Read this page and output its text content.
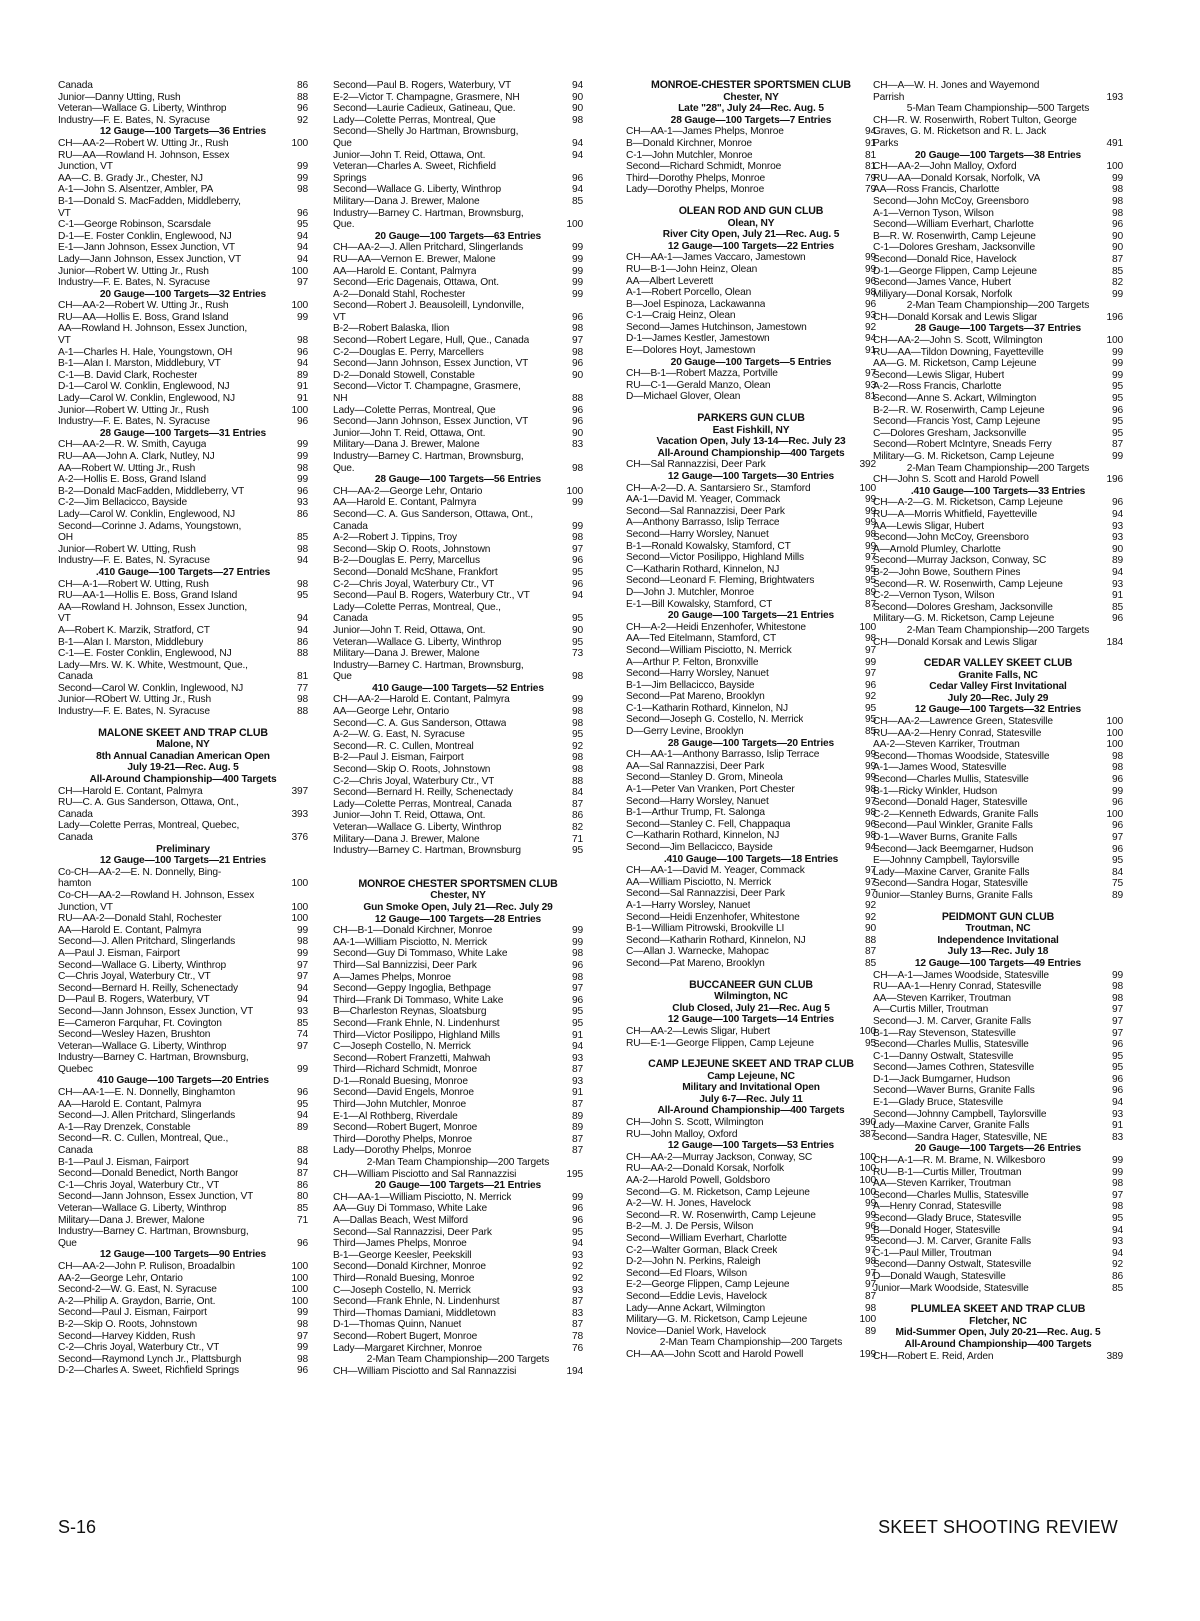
Canada	86
Junior—Danny Utting, Rush	88
Veteran—Wallace G. Liberty, Winthrop	96
Industry—F. E. Bates, N. Syracuse	92
12 Gauge—100 Targets—36 Entries
CH—AA-2—Robert W. Utting Jr., Rush	100
RU—AA—Rowland H. Johnson, Essex
Junction, VT	99
AA—C. B. Grady Jr., Chester, NJ	99
A-1—John S. Alsentzer, Ambler, PA	98
B-1—Donald S. MacFadden, Middleberry,
VT	96
C-1—George Robinson, Scarsdale	95
D-1—E. Foster Conklin, Englewood, NJ	94
E-1—Jann Johnson, Essex Junction, VT	94
Lady—Jann Johnson, Essex Junction, VT	94
Junior—Robert W. Utting Jr., Rush	100
Industry—F. E. Bates, N. Syracuse	97
20 Gauge—100 Targets—32 Entries
CH—AA-2—Robert W. Utting Jr., Rush	100
RU—AA—Hollis E. Boss, Grand Island	99
AA—Rowland H. Johnson, Essex Junction,
VT	98
A-1—Charles H. Hale, Youngstown, OH	96
B-1—Alan I. Marston, Middlebury, VT	94
C-1—B. David Clark, Rochester	89
D-1—Carol W. Conklin, Englewood, NJ	91
Lady—Carol W. Conklin, Englewood, NJ	91
Junior—Robert W. Utting Jr., Rush	100
Industry—F. E. Bates, N. Syracuse	96
28 Gauge—100 Targets—31 Entries
CH—AA-2—R. W. Smith, Cayuga	99
RU—AA—John A. Clark, Nutley, NJ	99
AA—Robert W. Utting Jr., Rush	98
A-2—Hollis E. Boss, Grand Island	99
B-2—Donald MacFadden, Middleberry, VT	96
C-2—Jim Bellacicco, Bayside	93
Lady—Carol W. Conklin, Englewood, NJ	86
Second—Corinne J. Adams, Youngstown,
OH	85
Junior—Robert W. Utting, Rush	98
Industry—F. E. Bates, N. Syracuse	94
.410 Gauge—100 Targets—27 Entries
CH—A-1—Robert W. Utting, Rush	98
RU—AA-1—Hollis E. Boss, Grand Island	95
AA—Rowland H. Johnson, Essex Junction,
VT	94
A—Robert K. Marzik, Stratford, CT	94
B-1—Alan I. Marston, Middlebury	86
C-1—E. Foster Conklin, Englewood, NJ	88
Lady—Mrs. W. K. White, Westmount, Que.,
Canada	81
Second—Carol W. Conklin, Inglewood, NJ	77
Junior—RObert W. Utting Jr., Rush	98
Industry—F. E. Bates, N. Syracuse	88
MALONE SKEET AND TRAP CLUB
Malone, NY
8th Annual Canadian American Open
July 19-21—Rec. Aug. 5
All-Around Championship—400 Targets
CH—Harold E. Contant, Palmyra	397
RU—C. A. Gus Sanderson, Ottawa, Ont.,
Canada	393
Lady—Colette Perras, Montreal, Quebec,
Canada	376
Preliminary
12 Gauge—100 Targets—21 Entries
Co-CH—AA-2—E. N. Donnelly, Bing-
hamton	100
Co-CH—AA-2—Rowland H. Johnson, Essex
Junction, VT	100
RU—AA-2—Donald Stahl, Rochester	100
AA—Harold E. Contant, Palmyra	99
Second—J. Allen Pritchard, Slingerlands	98
A—Paul J. Eisman, Fairport	99
Second—Wallace G. Liberty, Winthrop	97
C—Chris Joyal, Waterbury Ctr., VT	97
Second—Bernard H. Reilly, Schenectady	94
D—Paul B. Rogers, Waterbury, VT	94
Second—Jann Johnson, Essex Junction, VT	93
E—Cameron Farquhar, Ft. Covington	85
Second—Wesley Hazen, Brushton	74
Veteran—Wallace G. Liberty, Winthrop	97
Industry—Barney C. Hartman, Brownsburg,
Quebec	99
410 Gauge—100 Targets—20 Entries
CH—AA-1—E. N. Donnelly, Binghamton	96
AA—Harold E. Contant, Palmyra	95
Second—J. Allen Pritchard, Slingerlands	94
A-1—Ray Drenzek, Constable	89
Second—R. C. Cullen, Montreal, Que.,
Canada	88
B-1—Paul J. Eisman, Fairport	94
Second—Donald Benedict, North Bangor	87
C-1—Chris Joyal, Waterbury Ctr., VT	86
Second—Jann Johnson, Essex Junction, VT	80
Veteran—Wallace G. Liberty, Winthrop	85
Military—Dana J. Brewer, Malone	71
Industry—Barney C. Hartman, Brownsburg,
Que	96
12 Gauge—100 Targets—90 Entries
CH—AA-2—John P. Rulison, Broadalbin	100
AA-2—George Lehr, Ontario	100
Second-2—W. G. East, N. Syracuse	100
A-2—Philip A. Graydon, Barrie, Ont.	100
Second—Paul J. Eisman, Fairport	99
B-2—Skip O. Roots, Johnstown	98
Second—Harvey Kidden, Rush	97
C-2—Chris Joyal, Waterbury Ctr., VT	99
Second—Raymond Lynch Jr., Plattsburgh	98
D-2—Charles A. Sweet, Richfield Springs	96
Second—Paul B. Rogers, Waterbury, VT	94
E-2—Victor T. Champagne, Grasmere, NH	90
Second—Laurie Cadieux, Gatineau, Que.	90
Lady—Colette Perras, Montreal, Que	98
Second—Shelly Jo Hartman, Brownsburg,
Que	94
Junior—John T. Reid, Ottawa, Ont.	94
Veteran—Charles A. Sweet, Richfield
Springs	96
Second—Wallace G. Liberty, Winthrop	94
Military—Dana J. Brewer, Malone	85
Industry—Barney C. Hartman, Brownsburg,
Que.	100
20 Gauge—100 Targets—63 Entries
CH—AA-2—J. Allen Pritchard, Slingerlands	99
RU—AA—Vernon E. Brewer, Malone	99
AA—Harold E. Contant, Palmyra	99
Second—Eric Dagenais, Ottawa, Ont.	99
A-2—Donald Stahl, Rochester	99
Second—Robert J. Beausoleill, Lyndonville,
VT	96
B-2—Robert Balaska, Ilion	98
Second—Robert Legare, Hull, Que., Canada	97
C-2—Douglas E. Perry, Marcellers	98
Second—Jann Johnson, Essex Junction, VT	96
D-2—Donald Stowell, Constable	90
Second—Victor T. Champagne, Grasmere,
NH	88
Lady—Colette Perras, Montreal, Que	96
Second—Jann Johnson, Essex Junction, VT	96
Junior—John T. Reid, Ottawa, Ont.	90
Military—Dana J. Brewer, Malone	83
Industry—Barney C. Hartman, Brownsburg,
Que.	98
28 Gauge—100 Targets—56 Entries
CH—AA-2—George Lehr, Ontario	100
AA—Harold E. Contant, Palmyra	99
Second—C. A. Gus Sanderson, Ottawa, Ont.,
Canada	99
A-2—Robert J. Tippins, Troy	98
Second—Skip O. Roots, Johnstown	97
B-2—Douglas E. Perry, Marcellus	96
Second—Donald McShane, Frankfort	95
C-2—Chris Joyal, Waterbury Ctr., VT	96
Second—Paul B. Rogers, Waterbury Ctr., VT	94
Lady—Colette Perras, Montreal, Que.,
Canada	95
Junior—John T. Reid, Ottawa, Ont.	90
Veteran—Wallace G. Liberty, Winthrop	95
Military—Dana J. Brewer, Malone	73
Industry—Barney C. Hartman, Brownsburg,
Que	98
410 Gauge—100 Targets—52 Entries
CH—AA-2—Harold E. Contant, Palmyra	99
AA—George Lehr, Ontario	98
Second—C. A. Gus Sanderson, Ottawa	98
A-2—W. G. East, N. Syracuse	95
Second—R. C. Cullen, Montreal	92
B-2—Paul J. Eisman, Fairport	98
Second—Skip O. Roots, Johnstown	98
C-2—Chris Joyal, Waterbury Ctr., VT	88
Second—Bernard H. Reilly, Schenectady	84
Lady—Colette Perras, Montreal, Canada	87
Junior—John T. Reid, Ottawa, Ont.	86
Veteran—Wallace G. Liberty, Winthrop	82
Military—Dana J. Brewer, Malone	71
Industry—Barney C. Hartman, Brownsburg	95
MONROE CHESTER SPORTSMEN CLUB
Chester, NY
Gun Smoke Open, July 21—Rec. July 29
12 Gauge—100 Targets—28 Entries
CH—B-1—Donald Kirchner, Monroe	99
AA-1—William Pisciotto, N. Merrick	99
Second—Guy Di Tommaso, White Lake	98
Third—Sal Bannizzisi, Deer Park	96
A—James Phelps, Monroe	98
Second—Geppy Ingoglia, Bethpage	97
Third—Frank Di Tommaso, White Lake	96
B—Charleston Reynas, Sloatsburg	95
Second—Frank Ehnle, N. Lindenhurst	95
Third—Victor Posilippo, Highland Mills	91
C—Joseph Costello, N. Merrick	94
Second—Robert Franzetti, Mahwah	93
Third—Richard Schmidt, Monroe	87
D-1—Ronald Buesing, Monroe	93
Second—David Engels, Monroe	91
Third—John Mutchler, Monroe	87
E-1—Al Rothberg, Riverdale	89
Second—Robert Bugert, Monroe	89
Third—Dorothy Phelps, Monroe	87
Lady—Dorothy Phelps, Monroe	87
2-Man Team Championship—200 Targets
CH—William Pisciotto and Sal Rannazzisi	195
20 Gauge—100 Targets—21 Entries
CH—AA-1—William Pisciotto, N. Merrick	99
AA—Guy Di Tommaso, White Lake	96
A—Dallas Beach, West Milford	96
Second—Sal Rannazzisi, Deer Park	95
Third—James Phelps, Monroe	94
B-1—George Keesler, Peekskill	93
Second—Donald Kirchner, Monroe	92
Third—Ronald Buesing, Monroe	92
C—Joseph Costello, N. Merrick	93
Second—Frank Ehnle, N. Lindenhurst	87
Third—Thomas Damiani, Middletown	83
D-1—Thomas Quinn, Nanuet	87
Second—Robert Bugert, Monroe	78
Lady—Margaret Kirchner, Monroe	76
2-Man Team Championship—200 Targets
CH—William Pisciotto and Sal Rannazzisi	194
MONROE-CHESTER SPORTSMEN CLUB
Chester, NY
Late "28", July 24—Rec. Aug. 5
28 Gauge—100 Targets—7 Entries
CH—AA-1—James Phelps, Monroe	94
B—Donald Kirchner, Monroe	91
C-1—John Mutchler, Monroe	81
Second—Richard Schmidt, Monroe	81
Third—Dorothy Phelps, Monroe	79
Lady—Dorothy Phelps, Monroe	79
OLEAN ROD AND GUN CLUB
Olean, NY
River City Open, July 21—Rec. Aug. 5
12 Gauge—100 Targets—22 Entries
CH—AA-1—James Vaccaro, Jamestown	99
RU—B-1—John Heinz, Olean	99
AA—Albert Leverett	96
A-1—Robert Porcello, Olean	98
B—Joel Espinoza, Lackawanna	96
C-1—Craig Heinz, Olean	93
Second—James Hutchinson, Jamestown	92
D-1—James Kestler, Jamestown	94
E—Dolores Hoyt, Jamestown	91
20 Gauge—100 Targets—5 Entries
CH—B-1—Robert Mazza, Portville	97
RU—C-1—Gerald Manzo, Olean	93
D—Michael Glover, Olean	81
PARKERS GUN CLUB
East Fishkill, NY
Vacation Open, July 13-14—Rec. July 23
All-Around Championship—400 Targets
CH—Sal Rannazzisi, Deer Park	392
12 Gauge—100 Targets—30 Entries
CH—A-2—D. A. Santarsiero Sr., Stamford	100
AA-1—David M. Yeager, Commack	99
Second—Sal Rannazzisi, Deer Park	99
A—Anthony Barrasso, Islip Terrace	99
Second—Harry Worsley, Nanuet	98
B-1—Ronald Kowalsky, Stamford, CT	99
Second—Victor Posilippo, Highland Mills	97
C—Katharin Rothard, Kinnelon, NJ	95
Second—Leonard F. Fleming, Brightwaters	95
D—John J. Mutchler, Monroe	89
E-1—Bill Kowalsky, Stamford, CT	87
20 Gauge—100 Targets—21 Entries
CH—A-2—Heidi Enzenhofer, Whitestone	100
AA—Ted Eitelmann, Stamford, CT	98
Second—William Pisciotto, N. Merrick	97
A—Arthur P. Felton, Bronxville	99
Second—Harry Worsley, Nanuet	97
B-1—Jim Bellacicco, Bayside	96
Second—Pat Mareno, Brooklyn	92
C-1—Katharin Rothard, Kinnelon, NJ	95
Second—Joseph G. Costello, N. Merrick	95
D—Gerry Levine, Brooklyn	85
28 Gauge—100 Targets—20 Entries
CH—AA-1—Anthony Barrasso, Islip Terrace	99
AA—Sal Rannazzisi, Deer Park	99
Second—Stanley D. Grom, Mineola	99
A-1—Peter Van Vranken, Port Chester	98
Second—Harry Worsley, Nanuet	97
B-1—Arthur Trump, Ft. Salonga	98
Second—Stanley C. Fell, Chappaqua	96
C—Katharin Rothard, Kinnelon, NJ	98
Second—Jim Bellacicco, Bayside	94
.410 Gauge—100 Targets—18 Entries
CH—AA-1—David M. Yeager, Commack	97
AA—William Pisciotto, N. Merrick	97
Second—Sal Rannazzisi, Deer Park	97
A-1—Harry Worsley, Nanuet	92
Second—Heidi Enzenhofer, Whitestone	92
B-1—William Pitrowski, Brookville LI	90
Second—Katharin Rothard, Kinnelon, NJ	88
C—Allan J. Warnecke, Mahopac	87
Second—Pat Mareno, Brooklyn	85
BUCCANEER GUN CLUB
Wilmington, NC
Club Closed, July 21—Rec. Aug 5
12 Gauge—100 Targets—14 Entries
CH—AA-2—Lewis Sligar, Hubert	100
RU—E-1—George Flippen, Camp Lejeune	95
CAMP LEJEUNE SKEET AND TRAP CLUB
Camp Lejeune, NC
Military and Invitational Open
July 6-7—Rec. July 11
All-Around Championship—400 Targets
CH—John S. Scott, Wilmington	390
RU—John Malloy, Oxford	387
12 Gauge—100 Targets—53 Entries
CH—AA-2—Murray Jackson, Conway, SC	100
RU—AA-2—Donald Korsak, Norfolk	100
AA-2—Harold Powell, Goldsboro	100
Second—G. M. Ricketson, Camp Lejeune	100
A-2—W. H. Jones, Havelock	99
Second—R. W. Rosenwirth, Camp Lejeune	99
B-2—M. J. De Persis, Wilson	96
Second—William Everhart, Charlotte	95
C-2—Walter Gorman, Black Creek	97
D-2—John N. Perkins, Raleigh	98
Second—Ed Floars, Wilson	97
E-2—George Flippen, Camp Lejeune	97
Second—Eddie Levis, Havelock	87
Lady—Anne Ackart, Wilmington	98
Military—G. M. Ricketson, Camp Lejeune	100
Novice—Daniel Work, Havelock	89
2-Man Team Championship—200 Targets
CH—AA—John Scott and Harold Powell	199
CH—A—W. H. Jones and Wayemond
Parrish	193
5-Man Team Championship—500 Targets
CH—R. W. Rosenwirth, Robert Tulton, George
Graves, G. M. Ricketson and R. L. Jack
Parks	491
20 Gauge—100 Targets—38 Entries
CH—AA-2—John Malloy, Oxford	100
RU—AA—Donald Korsak, Norfolk, VA	99
AA—Ross Francis, Charlotte	98
Second—John McCoy, Greensboro	98
A-1—Vernon Tyson, Wilson	98
Second—William Everhart, Charlotte	96
B—R. W. Rosenwirth, Camp Lejeune	90
C-1—Dolores Gresham, Jacksonville	90
Second—Donald Rice, Havelock	87
D-1—George Flippen, Camp Lejeune	85
Second—James Vance, Hubert	82
Miliyary—Donal Korsak, Norfolk	99
2-Man Team Championship—200 Targets
CH—Donald Korsak and Lewis Sligar	196
28 Gauge—100 Targets—37 Entries
CH—AA-2—John S. Scott, Wilmington	100
RU—AA—Tildon Downing, Fayetteville	99
AA—G. M. Ricketson, Camp Lejeune	99
Second—Lewis Sligar, Hubert	99
A-2—Ross Francis, Charlotte	95
Second—Anne S. Ackart, Wilmington	95
B-2—R. W. Rosenwirth, Camp Lejeune	96
Second—Francis Yost, Camp Lejeune	95
C—Dolores Gresham, Jacksonville	95
Second—Robert McIntyre, Sneads Ferry	87
Military—G. M. Ricketson, Camp Lejeune	99
2-Man Team Championship—200 Targets
CH—John S. Scott and Harold Powell	196
.410 Gauge—100 Targets—33 Entries
CH—A-2—G. M. Ricketson, Camp Lejeune	96
RU—A—Morris Whitfield, Fayetteville	94
AA—Lewis Sligar, Hubert	93
Second—John McCoy, Greensboro	93
A—Arnold Plumley, Charlotte	90
Second—Murray Jackson, Conway, SC	89
B-2—John Bowe, Southern Pines	94
Second—R. W. Rosenwirth, Camp Lejeune	93
C-2—Vernon Tyson, Wilson	91
Second—Dolores Gresham, Jacksonville	85
Military—G. M. Ricketson, Camp Lejeune	96
2-Man Team Championship—200 Targets
CH—Donald Korsak and Lewis Sligar	184
CEDAR VALLEY SKEET CLUB
Granite Falls, NC
Cedar Valley First Invitational
July 20—Rec. July 29
12 Gauge—100 Targets—32 Entries
CH—AA-2—Lawrence Green, Statesville	100
RU—AA-2—Henry Conrad, Statesville	100
AA-2—Steven Karriker, Troutman	100
Second—Thomas Woodside, Statesville	98
A-1—James Wood, Statesville	98
Second—Charles Mullis, Statesville	96
B-1—Ricky Winkler, Hudson	99
Second—Donald Hager, Statesville	96
C-2—Kenneth Edwards, Granite Falls	100
Second—Paul Winkler, Granite Falls	96
D-1—Waver Burns, Granite Falls	97
Second—Jack Beemgarner, Hudson	96
E—Johnny Campbell, Taylorsville	95
Lady—Maxine Carver, Granite Falls	84
Second—Sandra Hogar, Statesville	75
Junior—Stanley Burns, Granite Falls	89
PEIDMONT GUN CLUB
Troutman, NC
Independence Invitational
July 13—Rec. July 18
12 Gauge—100 Targets—49 Entries
CH—A-1—James Woodside, Statesville	99
RU—AA-1—Henry Conrad, Statesville	98
AA—Steven Karriker, Troutman	98
A—Curtis Miller, Troutman	97
Second—J. M. Carver, Granite Falls	97
B-1—Ray Stevenson, Statesville	97
Second—Charles Mullis, Statesville	96
C-1—Danny Ostwalt, Statesville	95
Second—James Cothren, Statesville	95
D-1—Jack Bumgarner, Hudson	96
Second—Waver Burns, Granite Falls	96
E-1—Glady Bruce, Statesville	94
Second—Johnny Campbell, Taylorsville	93
Lady—Maxine Carver, Granite Falls	91
Second—Sandra Hager, Statesville, NE	83
20 Gauge—100 Targets—26 Entries
CH—A-1—R. M. Brame, N. Wilkesboro	99
RU—B-1—Curtis Miller, Troutman	99
AA—Steven Karriker, Troutman	98
Second—Charles Mullis, Statesville	97
A—Henry Conrad, Statesville	98
Second—Glady Bruce, Statesville	95
B—Donald Hoger, Statesville	94
Second—J. M. Carver, Granite Falls	93
C-1—Paul Miller, Troutman	94
Second—Danny Ostwalt, Statesville	92
D—Donald Waugh, Statesville	86
Junior—Mark Woodside, Statesville	85
PLUMLEA SKEET AND TRAP CLUB
Fletcher, NC
Mid-Summer Open, July 20-21—Rec. Aug. 5
All-Around Championship—400 Targets
CH—Robert E. Reid, Arden	389
S-16	SKEET SHOOTING REVIEW
